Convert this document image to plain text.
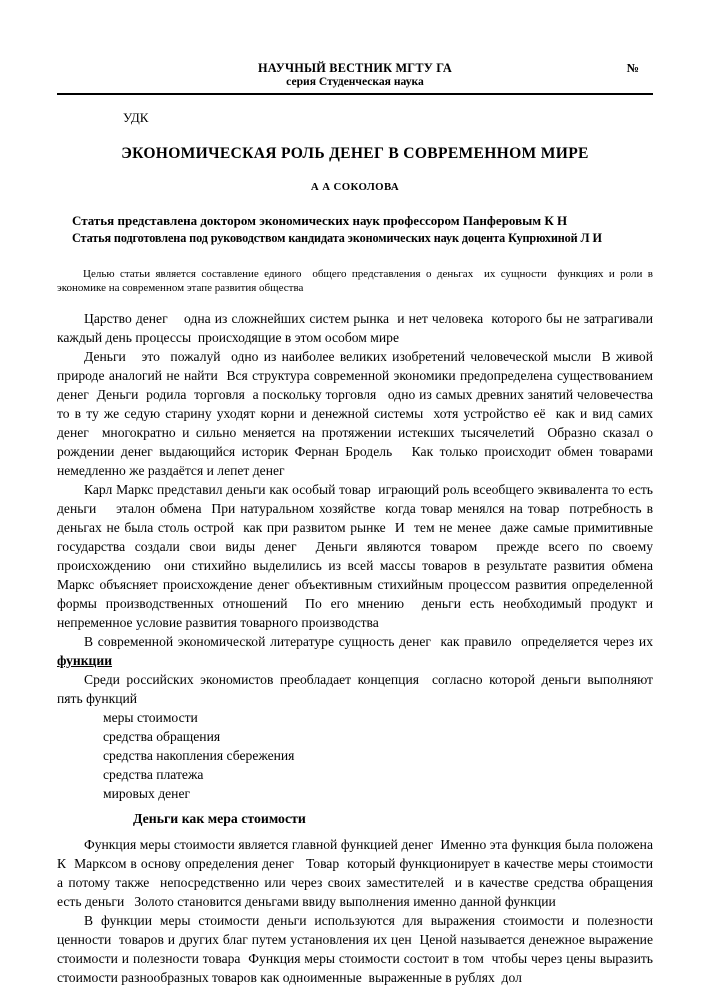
НАУЧНЫЙ ВЕСТНИК МГТУ ГА
серия Студенческая наука
№
УДК
ЭКОНОМИЧЕСКАЯ РОЛЬ ДЕНЕГ В СОВРЕМЕННОМ МИРЕ
А А СОКОЛОВА
Статья представлена доктором экономических наук профессором Панферовым К Н
Статья подготовлена под руководством кандидата экономических наук доцента Купрюхиной Л И

Целью статьи является составление единого  общего представления о деньгах  их сущности  функциях и роли в экономике на современном этапе развития общества

Царство денег    одна из сложнейших систем рынка  и нет человека  которого бы не затрагивали каждый день процессы  происходящие в этом особом мире

Деньги   это  пожалуй  одно из наиболее великих изобретений человеческой мысли  В живой природе аналогий не найти  Вся структура современной экономики предопределена существованием денег  Деньги  родила  торговля  а поскольку торговля   одно из самых древних занятий человечества  то в ту же седую старину уходят корни и денежной системы  хотя устройство её  как и вид самих денег  многократно и сильно меняется на протяжении истекших тысячелетий  Образно сказал о рождении денег выдающийся историк Фернан Бродель   Как только происходит обмен товарами  немедленно же раздаётся и лепет денег

Карл Маркс представил деньги как особый товар  играющий роль всеобщего эквивалента то есть деньги    эталон обмена  При натуральном хозяйстве  когда товар менялся на товар  потребность в деньгах не была столь острой  как при развитом рынке  И  тем не менее  даже самые примитивные государства создали свои виды денег  Деньги являются товаром  прежде всего по своему происхождению  они стихийно выделились из всей массы товаров в результате развития обмена  Маркс объясняет происхождение денег объективным стихийным процессом развития определенной формы производственных отношений  По его мнению  деньги есть необходимый продукт и непременное условие развития товарного производства

В современной экономической литературе сущность денег  как правило  определяется через их функции

Среди российских экономистов преобладает концепция  согласно которой деньги выполняют пять функций

меры стоимости
средства обращения
средства накопления сбережения
средства платежа
мировых денег
Деньги как мера стоимости

Функция меры стоимости является главной функцией денег  Именно эта функция была положена К  Марксом в основу определения денег   Товар  который функционирует в качестве меры стоимости  а потому также  непосредственно или через своих заместителей  и в качестве средства обращения  есть деньги   Золото становится деньгами ввиду выполнения именно данной функции

В функции меры стоимости деньги используются для выражения стоимости и полезности  ценности  товаров и других благ путем установления их цен  Ценой называется денежное выражение стоимости и полезности товара  Функция меры стоимости состоит в том  чтобы через цены выразить стоимости разнообразных товаров как одноименные  выраженные в рублях  дол
